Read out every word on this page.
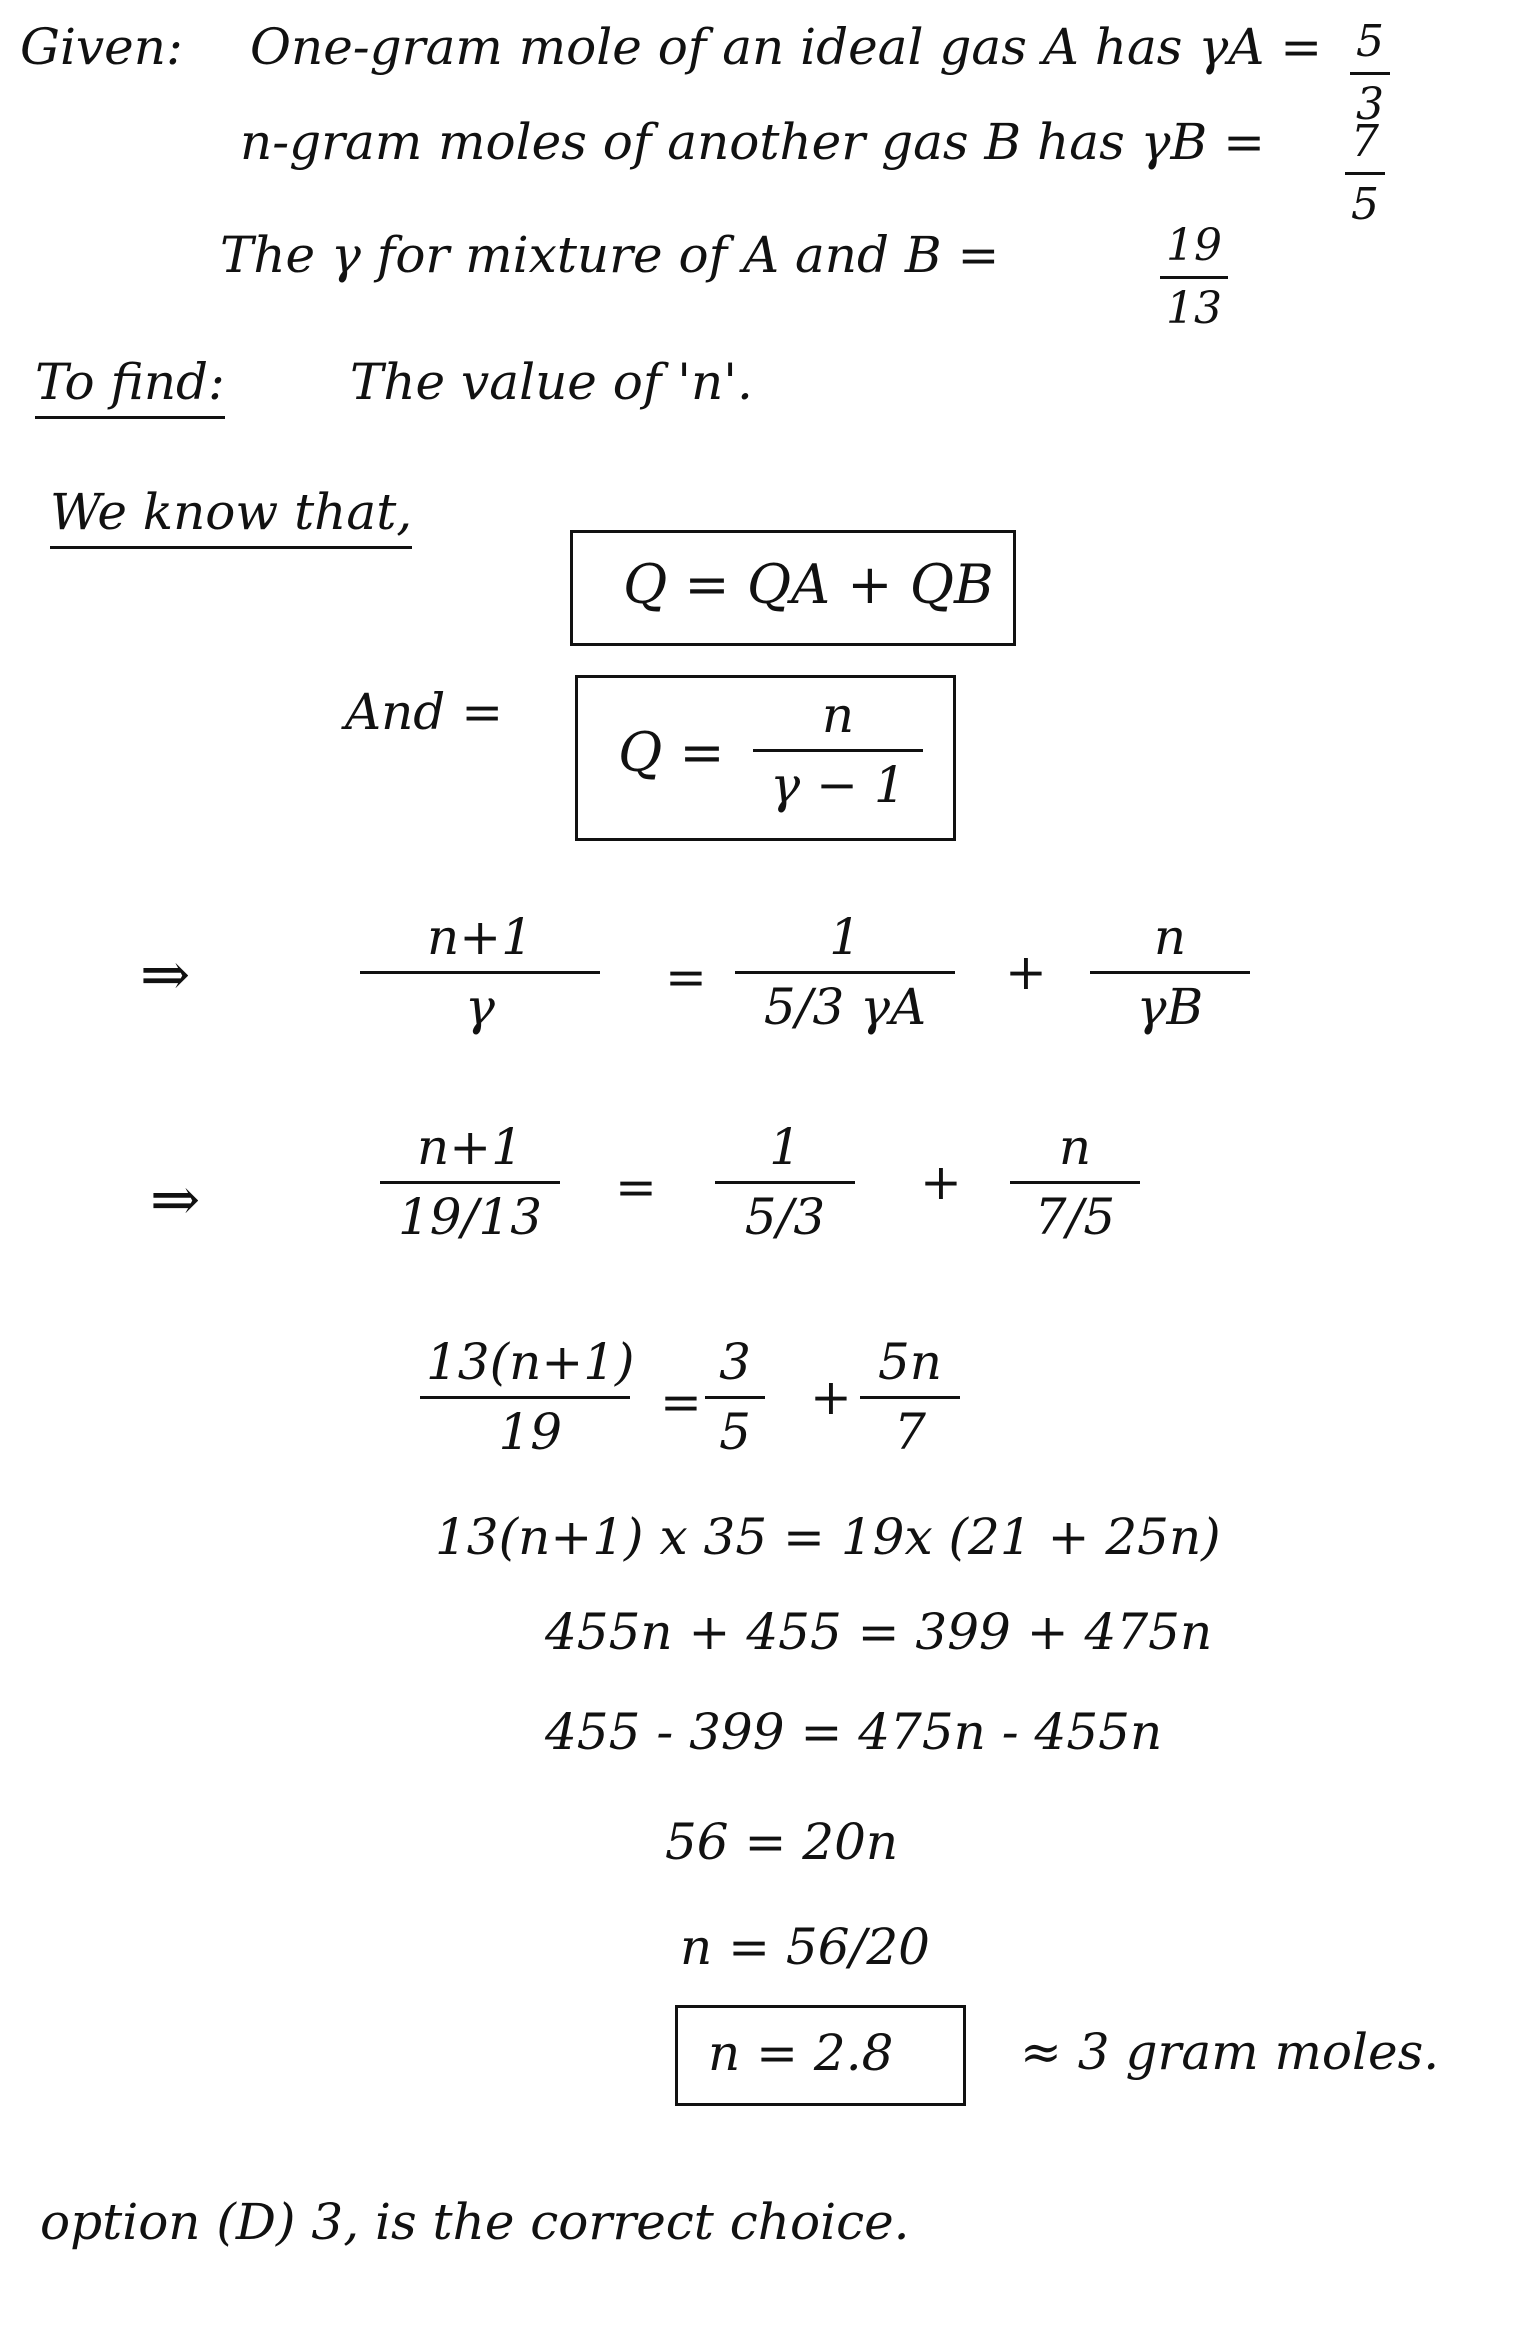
Given: One-gram mole of an ideal gas A has γA = 5
3
n-gram moles of another gas B has γB = 7
5
The γ for mixture of A and B =	19
13
To find:	The value of 'n'.
We know that,
Q = QA + QB
And =
Q =
n
γ − 1
⇒
n+1
γ
=
1
5/3 γA
+
n
γB
⇒
n+1
19/13
=
1
5/3
+
n
7/5
13(n+1)
19
=
3
5
+
5n
7
13(n+1) x 35 = 19x (21 + 25n)
455n + 455 = 399 + 475n
455 - 399 = 475n - 455n
56 = 20n
n = 56/20
n = 2.8	≈ 3 gram moles.
option (D) 3, is the correct choice.
